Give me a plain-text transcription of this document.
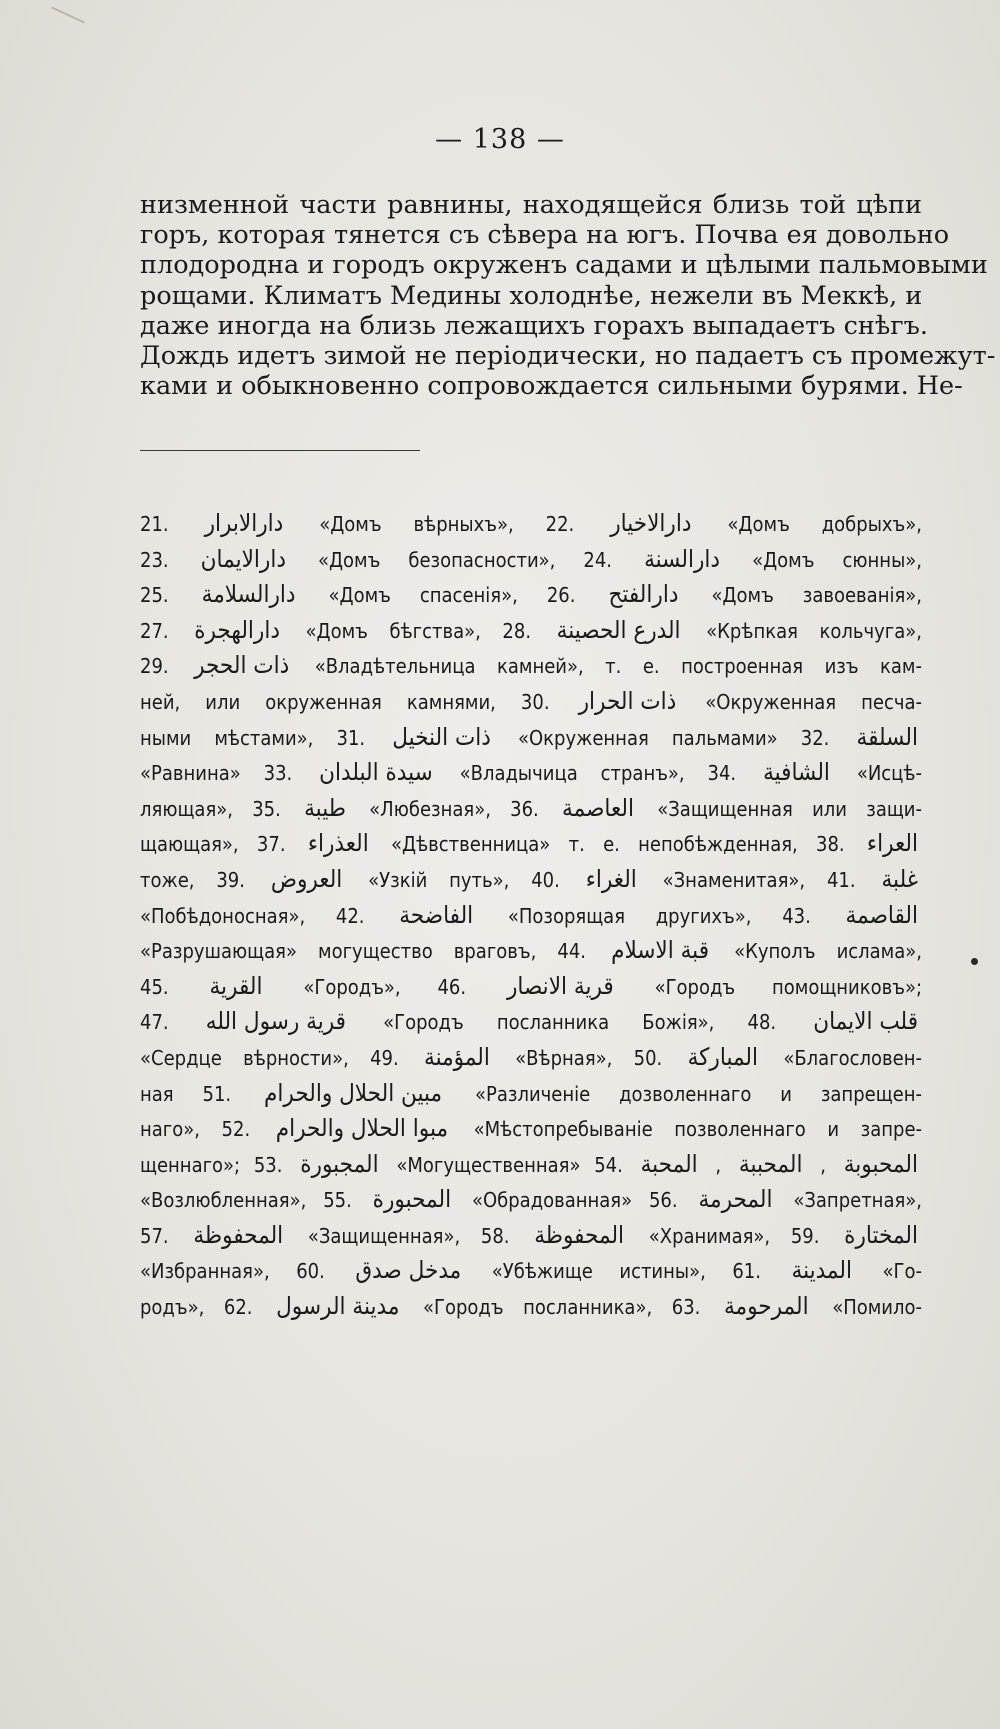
— 138 —
низменной части равнины, находящейся близь той цѣпи
горъ, которая тянется съ сѣвера на югъ. Почва ея довольно
плодородна и городъ окруженъ садами и цѣлыми пальмовыми
рощами. Климатъ Медины холоднѣе, нежели въ Меккѣ, и
даже иногда на близь лежащихъ горахъ выпадаетъ снѣгъ.
Дождь идетъ зимой не періодически, но падаетъ съ промежут-
ками и обыкновенно сопровождается сильными бурями. Не-
21. دارالابرار «Домъ вѣрныхъ», 22. دارالاخيار «Домъ добрыхъ»,
23. دارالايمان «Домъ безопасности», 24. دارالسنة «Домъ сюнны»,
25. دارالسلامة «Домъ спасенія», 26. دارالفتح «Домъ завоеванія»,
27. دارالهجرة «Домъ бѣгства», 28. الدرع الحصينة «Крѣпкая кольчуга»,
29. ذات الحجر «Владѣтельница камней», т. е. построенная изъ кам-
ней, или окруженная камнями, 30. ذات الحرار «Окруженная песча-
ными мѣстами», 31. ذات النخيل «Окруженная пальмами» 32. السلقة
«Равнина» 33. سيدة البلدان «Владычица странъ», 34. الشافية «Исцѣ-
ляющая», 35. طيبة «Любезная», 36. العاصمة «Защищенная или защи-
щающая», 37. العذراء «Дѣвственница» т. е. непобѣжденная, 38. العراء
тоже, 39. العروض «Узкій путь», 40. الغراء «Знаменитая», 41. غلبة
«Побѣдоносная», 42. الفاضحة «Позорящая другихъ», 43. القاصمة
«Разрушающая» могущество враговъ, 44. قبة الاسلام «Куполъ ислама»,
45. القرية «Городъ», 46. قرية الانصار «Городъ помощниковъ»;
47. قرية رسول الله «Городъ посланника Божія», 48. قلب الايمان
«Сердце вѣрности», 49. المؤمنة «Вѣрная», 50. المباركة «Благословен-
ная 51. مبين الحلال والحرام «Различеніе дозволеннаго и запрещен-
наго», 52. مبوا الحلال والحرام «Мѣстопребываніе позволеннаго и запре-
щеннаго»; 53. المجبورة «Могущественная» 54. المحبة , المحببة , المحبوبة
«Возлюбленная», 55. المحبورة «Обрадованная» 56. المحرمة «Запретная»,
57. المحفوظة «Защищенная», 58. المحفوظة «Хранимая», 59. المختارة
«Избранная», 60. مدخل صدق «Убѣжище истины», 61. المدينة «Го-
родъ», 62. مدينة الرسول «Городъ посланника», 63. المرحومة «Помило-
